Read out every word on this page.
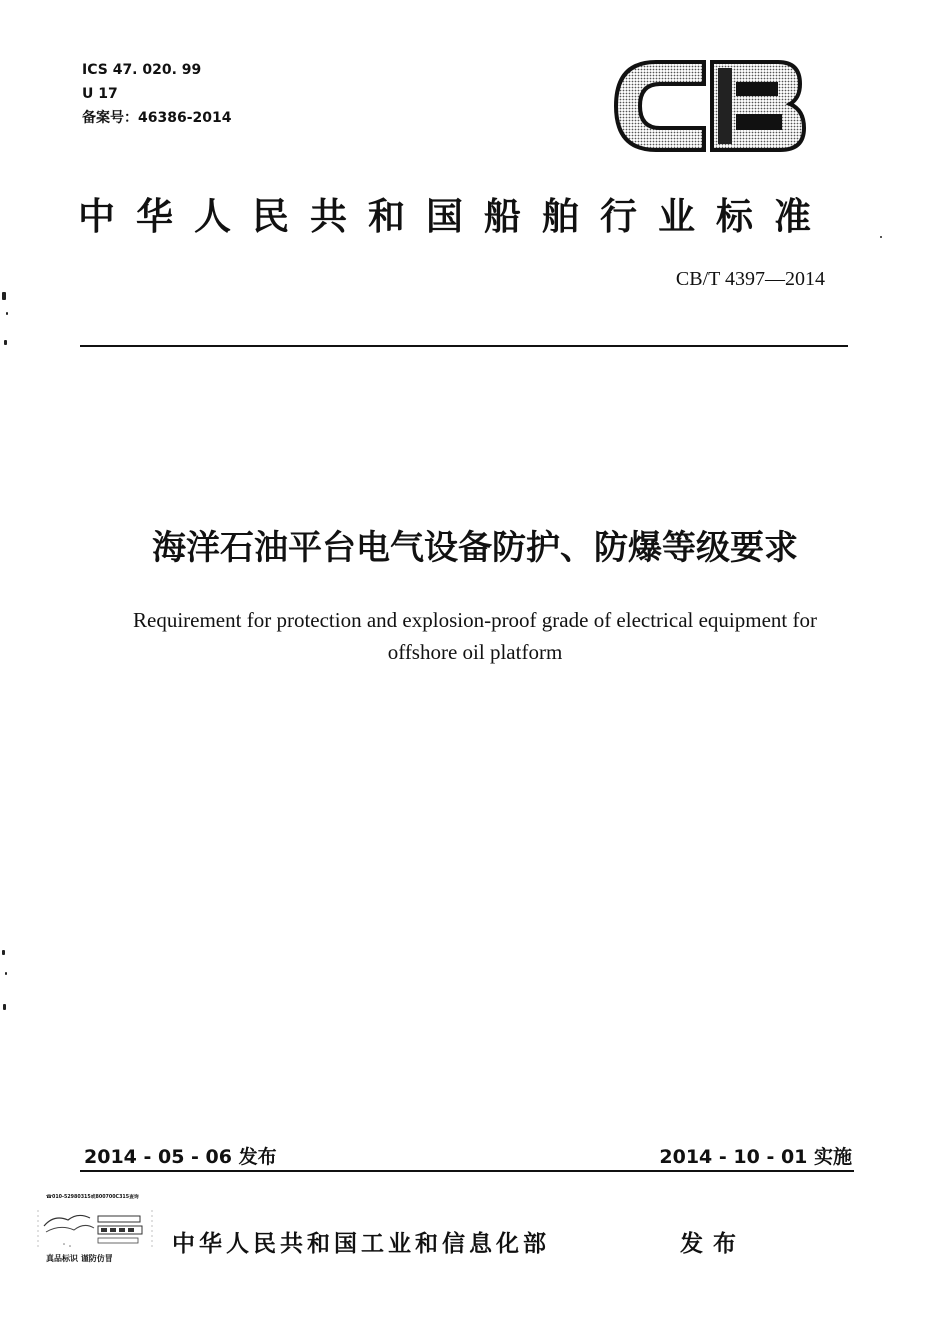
ICS 47. 020. 99
U 17
备案号：46386-2014
中华人民共和国船舶行业标准
CB/T 4397—2014
海洋石油平台电气设备防护、防爆等级要求
Requirement for protection and explosion-proof grade of electrical equipment for
offshore oil platform
2014 - 05 - 06 发布	2014 - 10 - 01 实施
☎010-52980315或800700C315查询
真品标识 谨防仿冒
中华人民共和国工业和信息化部	发布
